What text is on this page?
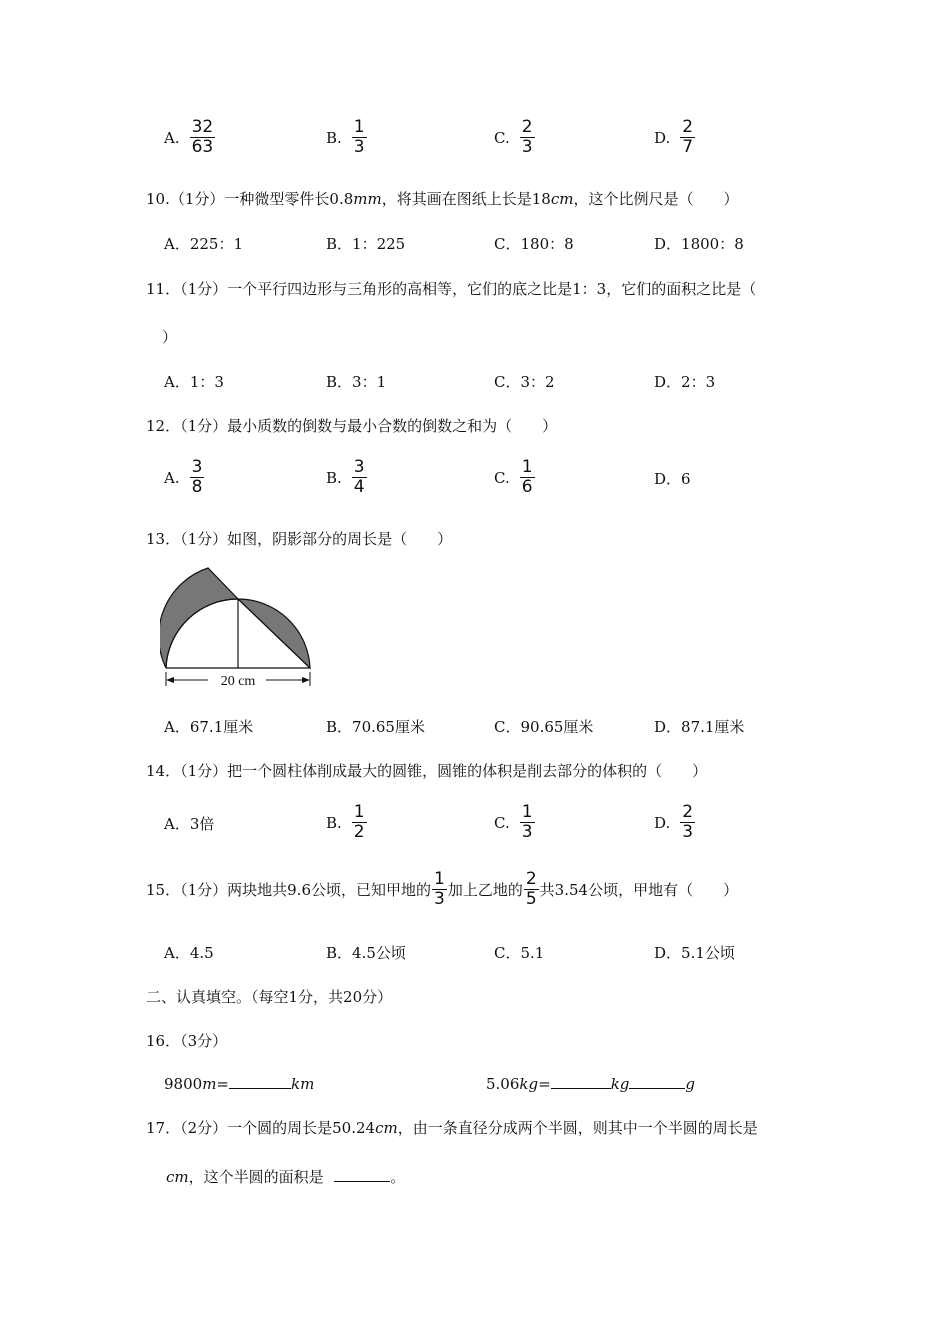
A. $\frac{32}{63}$	B. $\frac{1}{3}$	C. $\frac{2}{3}$	D. $\frac{2}{7}$
10.（1分）一种微型零件长0.8mm，将其画在图纸上长是18cm，这个比例尺是（　　）
A．225：1	B．1：225	C．180：8	D．1800：8
11．（1分）一个平行四边形与三角形的高相等，它们的底之比是1：3，它们的面积之比是（
）
A．1：3	B．3：1	C．3：2	D．2：3
12．（1分）最小质数的倒数与最小合数的倒数之和为（　　）
A. $\frac{3}{8}$	B. $\frac{3}{4}$	C. $\frac{1}{6}$	D．6
13．（1分）如图，阴影部分的周长是（　　）
20 cm
A．67.1厘米	B．70.65厘米	C．90.65厘米	D．87.1厘米
14．（1分）把一个圆柱体削成最大的圆锥，圆锥的体积是削去部分的体积的（　　）
A．3倍	B. $\frac{1}{2}$	C. $\frac{1}{3}$	D. $\frac{2}{3}$
15．（1分）两块地共9.6公顷，已知甲地的 $\frac{1}{3}$ 加上乙地的 $\frac{2}{5}$ 共3.54公顷，甲地有（　　）
A．4.5	B．4.5公顷	C．5.1	D．5.1公顷
二、认真填空。（每空1分，共20分）
16．（3分）
9800m=	km	5.06kg=	kg	g
17．（2分）一个圆的周长是50.24cm，由一条直径分成两个半圆，则其中一个半圆的周长是
cm，这个半圆的面积是	。
